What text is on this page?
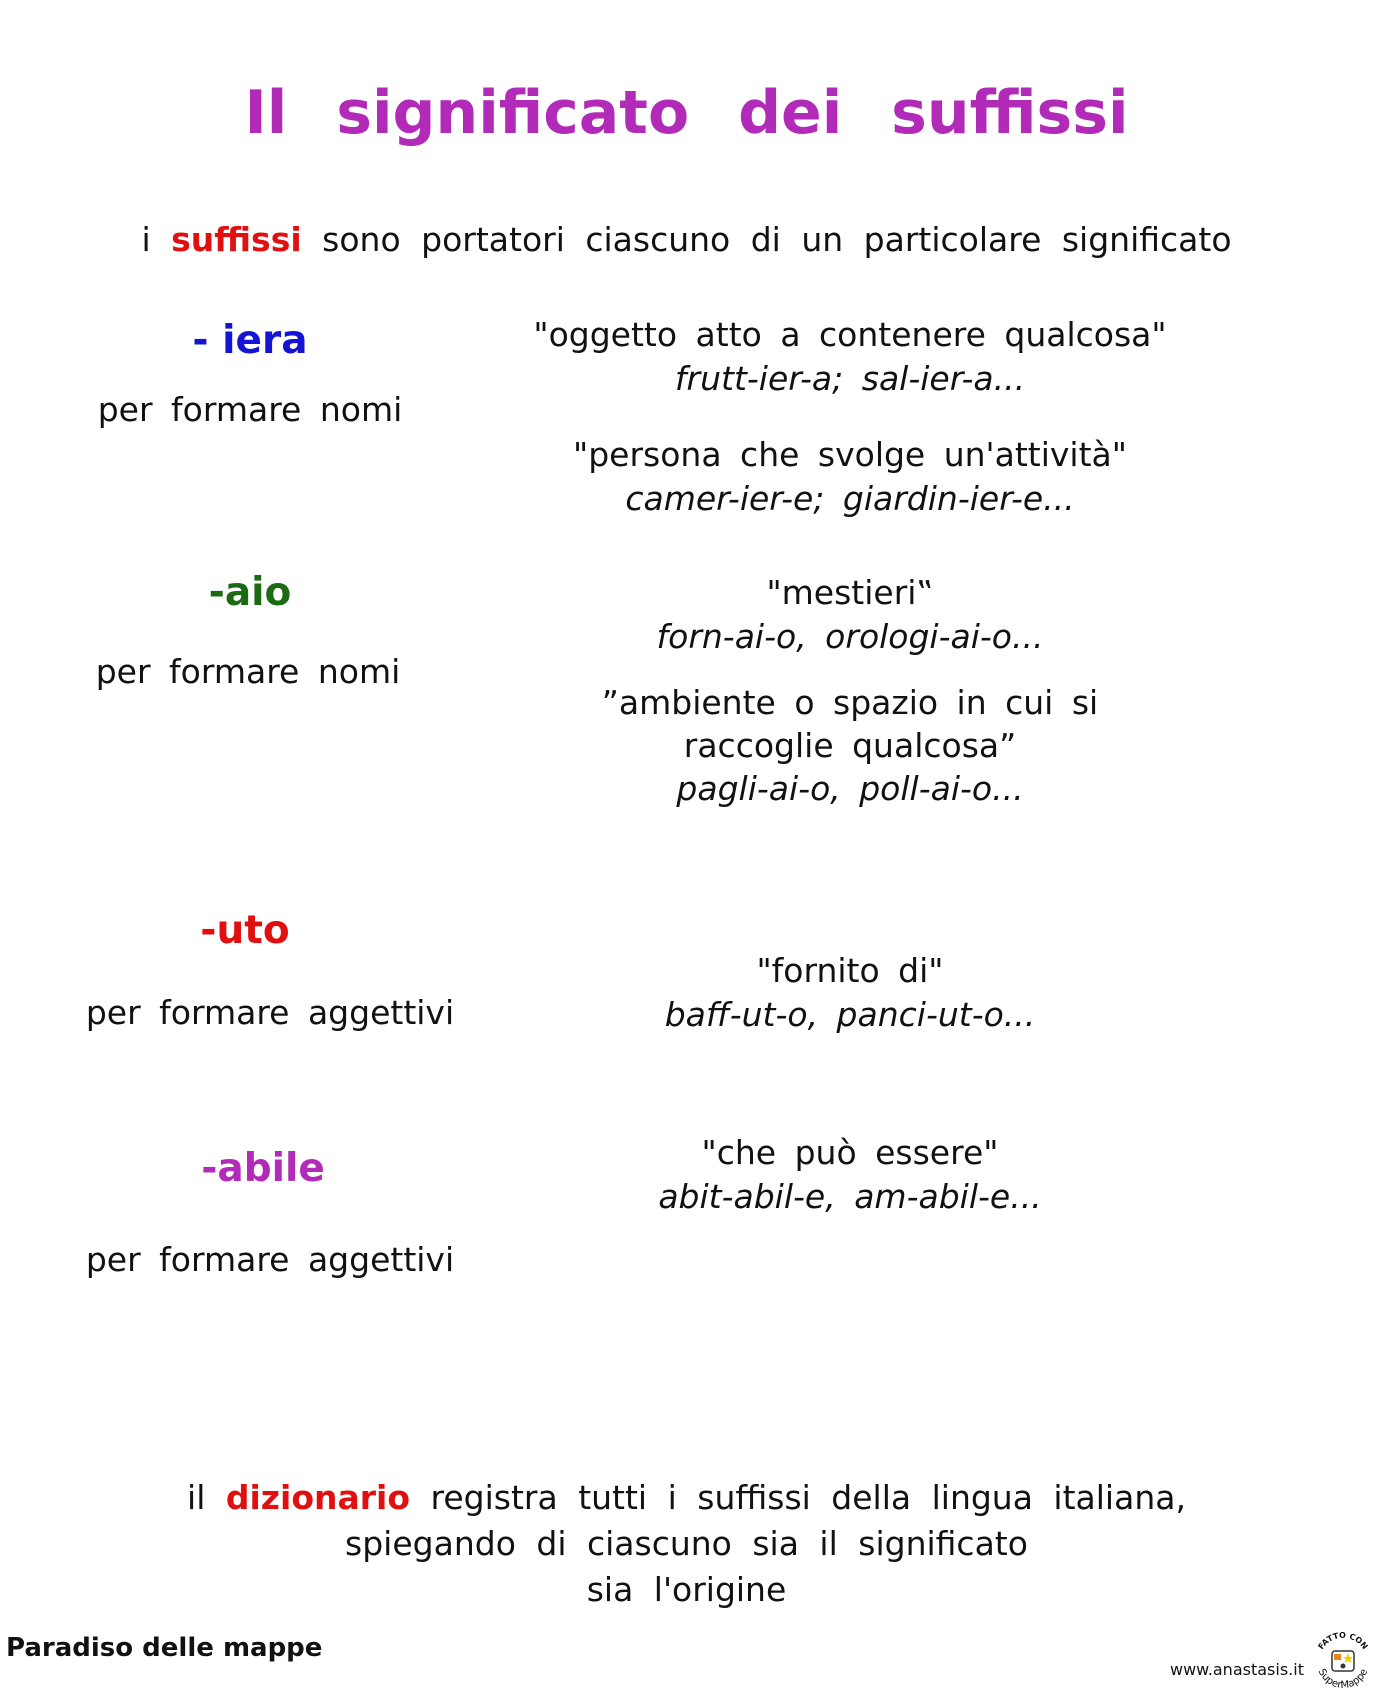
Il significato dei suffissi
i suffissi sono portatori ciascuno di un particolare significato
- iera
per formare nomi
"oggetto atto a contenere qualcosa"
frutt-ier-a; sal-ier-a...
"persona che svolge un'attività"
camer-ier-e; giardin-ier-e...
-aio
per formare nomi
"mestieri‟
forn-ai-o, orologi-ai-o...
”ambiente o spazio in cui si
raccoglie qualcosa”
pagli-ai-o, poll-ai-o...
-uto
per formare aggettivi
"fornito di"
baff-ut-o, panci-ut-o...
-abile
per formare aggettivi
"che può essere"
abit-abil-e, am-abil-e...
il dizionario registra tutti i suffissi della lingua italiana,
spiegando di ciascuno sia il significato
sia l'origine
Paradiso delle mappe
www.anastasis.it

FATTO CON
SuperMappe
